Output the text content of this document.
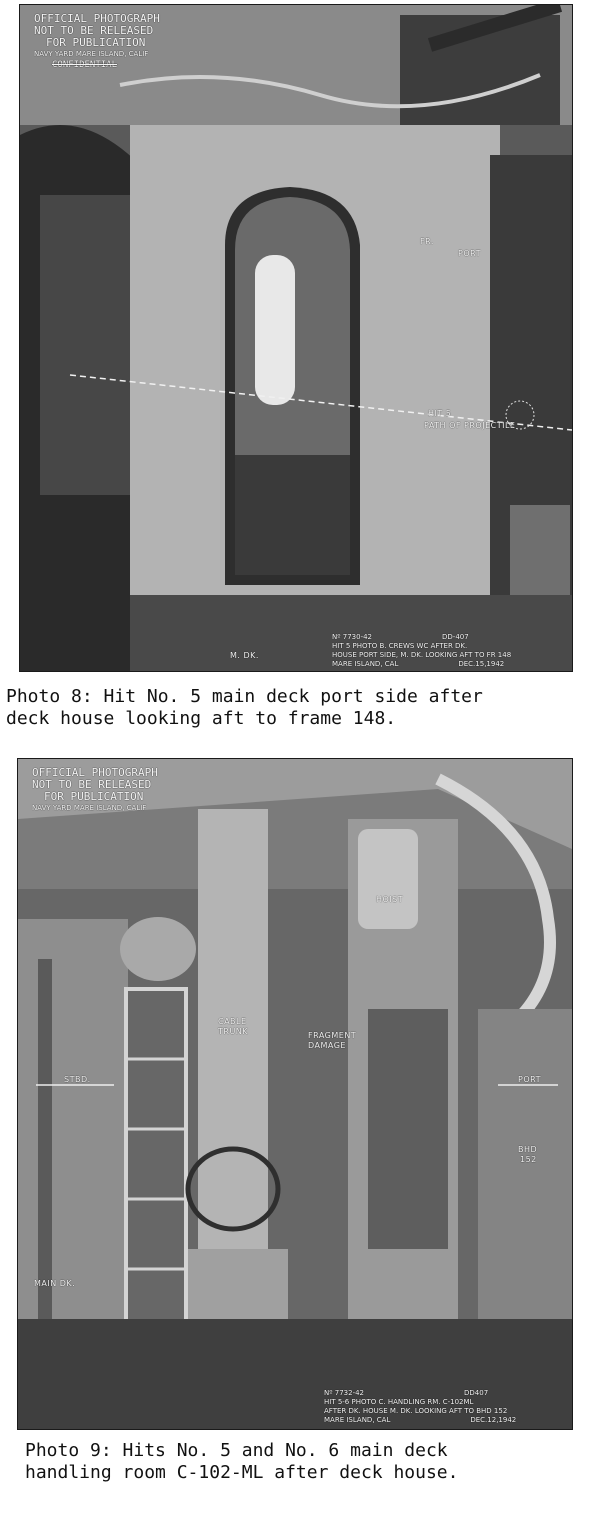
OFFICIAL PHOTOGRAPH
NOT TO BE RELEASED
FOR PUBLICATION
NAVY YARD MARE ISLAND, CALIF
CONFIDENTIAL
PORT
FR.
HIT 5
PATH OF PROJECTILE
M. DK.
Nº 7730-42	DD-407
HIT 5 PHOTO B. CREWS WC AFTER DK.
HOUSE PORT SIDE, M. DK. LOOKING AFT TO FR 148
MARE ISLAND, CAL	DEC.15,1942
Photo 8: Hit No. 5 main deck port side after
deck house looking aft to frame 148.
OFFICIAL PHOTOGRAPH
NOT TO BE RELEASED
FOR PUBLICATION
NAVY YARD MARE ISLAND, CALIF
HOIST
CABLE
TRUNK	FRAGMENT
DAMAGE
STBD.	PORT
BHD
152
MAIN DK.
Nº 7732-42	DD407
HIT 5-6 PHOTO C. HANDLING RM. C-102ML
AFTER DK. HOUSE M. DK. LOOKING AFT TO BHD 152
MARE ISLAND, CAL	DEC.12,1942
Photo 9: Hits No. 5 and No. 6 main deck
handling room C-102-ML after deck house.
